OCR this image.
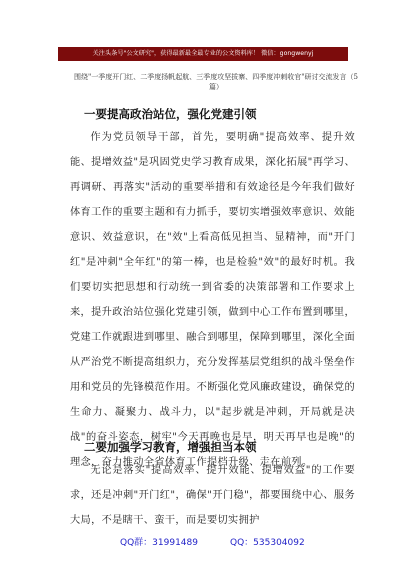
关注头条号"公文研究"，获得最新最全最专业的公文资料库！ 微信：gongwenyj
围绕"一季度开门红、二季度扬帆起航、三季度攻坚拔寨、四季度冲刺收官"研讨交流发言（5篇）
一要提高政治站位，强化党建引领
作为党员领导干部，首先，要明确"提高效率、提升效能、提增效益"是巩固党史学习教育成果，深化拓展"再学习、再调研、再落实"活动的重要举措和有效途径是今年我们做好体育工作的重要主题和有力抓手，要切实增强效率意识、效能意识、效益意识，在"效"上看高低见担当、显精神，而"开门红"是冲刺"全年红"的第一棒，也是检验"效"的最好时机。我们要切实把思想和行动统一到省委的决策部署和工作要求上来，提升政治站位强化党建引领，做到中心工作布置到哪里，党建工作就跟进到哪里、融合到哪里，保障到哪里，深化全面从严治党不断提高组织力，充分发挥基层党组织的战斗堡垒作用和党员的先锋模范作用。不断强化党风廉政建设，确保党的生命力、凝聚力、战斗力，以"起步就是冲刺，开局就是决战"的奋斗姿态，树牢"今天再晚也是早，明天再早也是晚"的理念，奋力推动全省体育工作提档升级、走在前列。
二要加强学习教育，增强担当本领
无论是落实"提高效率、提升效能、提增效益"的工作要求，还是冲刺"开门红"，确保"开门稳"，都要围绕中心、服务大局，不是瞎干、蛮干，而是要切实拥护
QQ群：31991489	QQ：535304092
